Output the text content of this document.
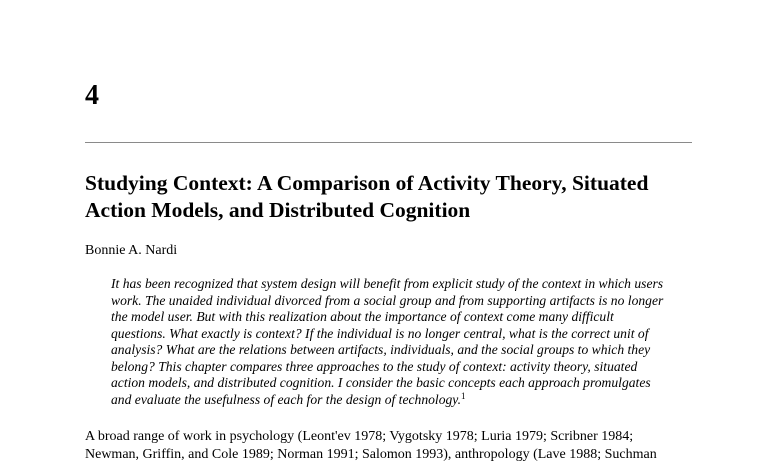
4
Studying Context: A Comparison of Activity Theory, Situated
Action Models, and Distributed Cognition
Bonnie A. Nardi
It has been recognized that system design will benefit from explicit study of the context in which users
work. The unaided individual divorced from a social group and from supporting artifacts is no longer
the model user. But with this realization about the importance of context come many difficult
questions. What exactly is context? If the individual is no longer central, what is the correct unit of
analysis? What are the relations between artifacts, individuals, and the social groups to which they
belong? This chapter compares three approaches to the study of context: activity theory, situated
action models, and distributed cognition. I consider the basic concepts each approach promulgates
and evaluate the usefulness of each for the design of technology.$^1$
A broad range of work in psychology (Leont'ev 1978; Vygotsky 1978; Luria 1979; Scribner 1984;
Newman, Griffin, and Cole 1989; Norman 1991; Salomon 1993), anthropology (Lave 1988; Suchman
